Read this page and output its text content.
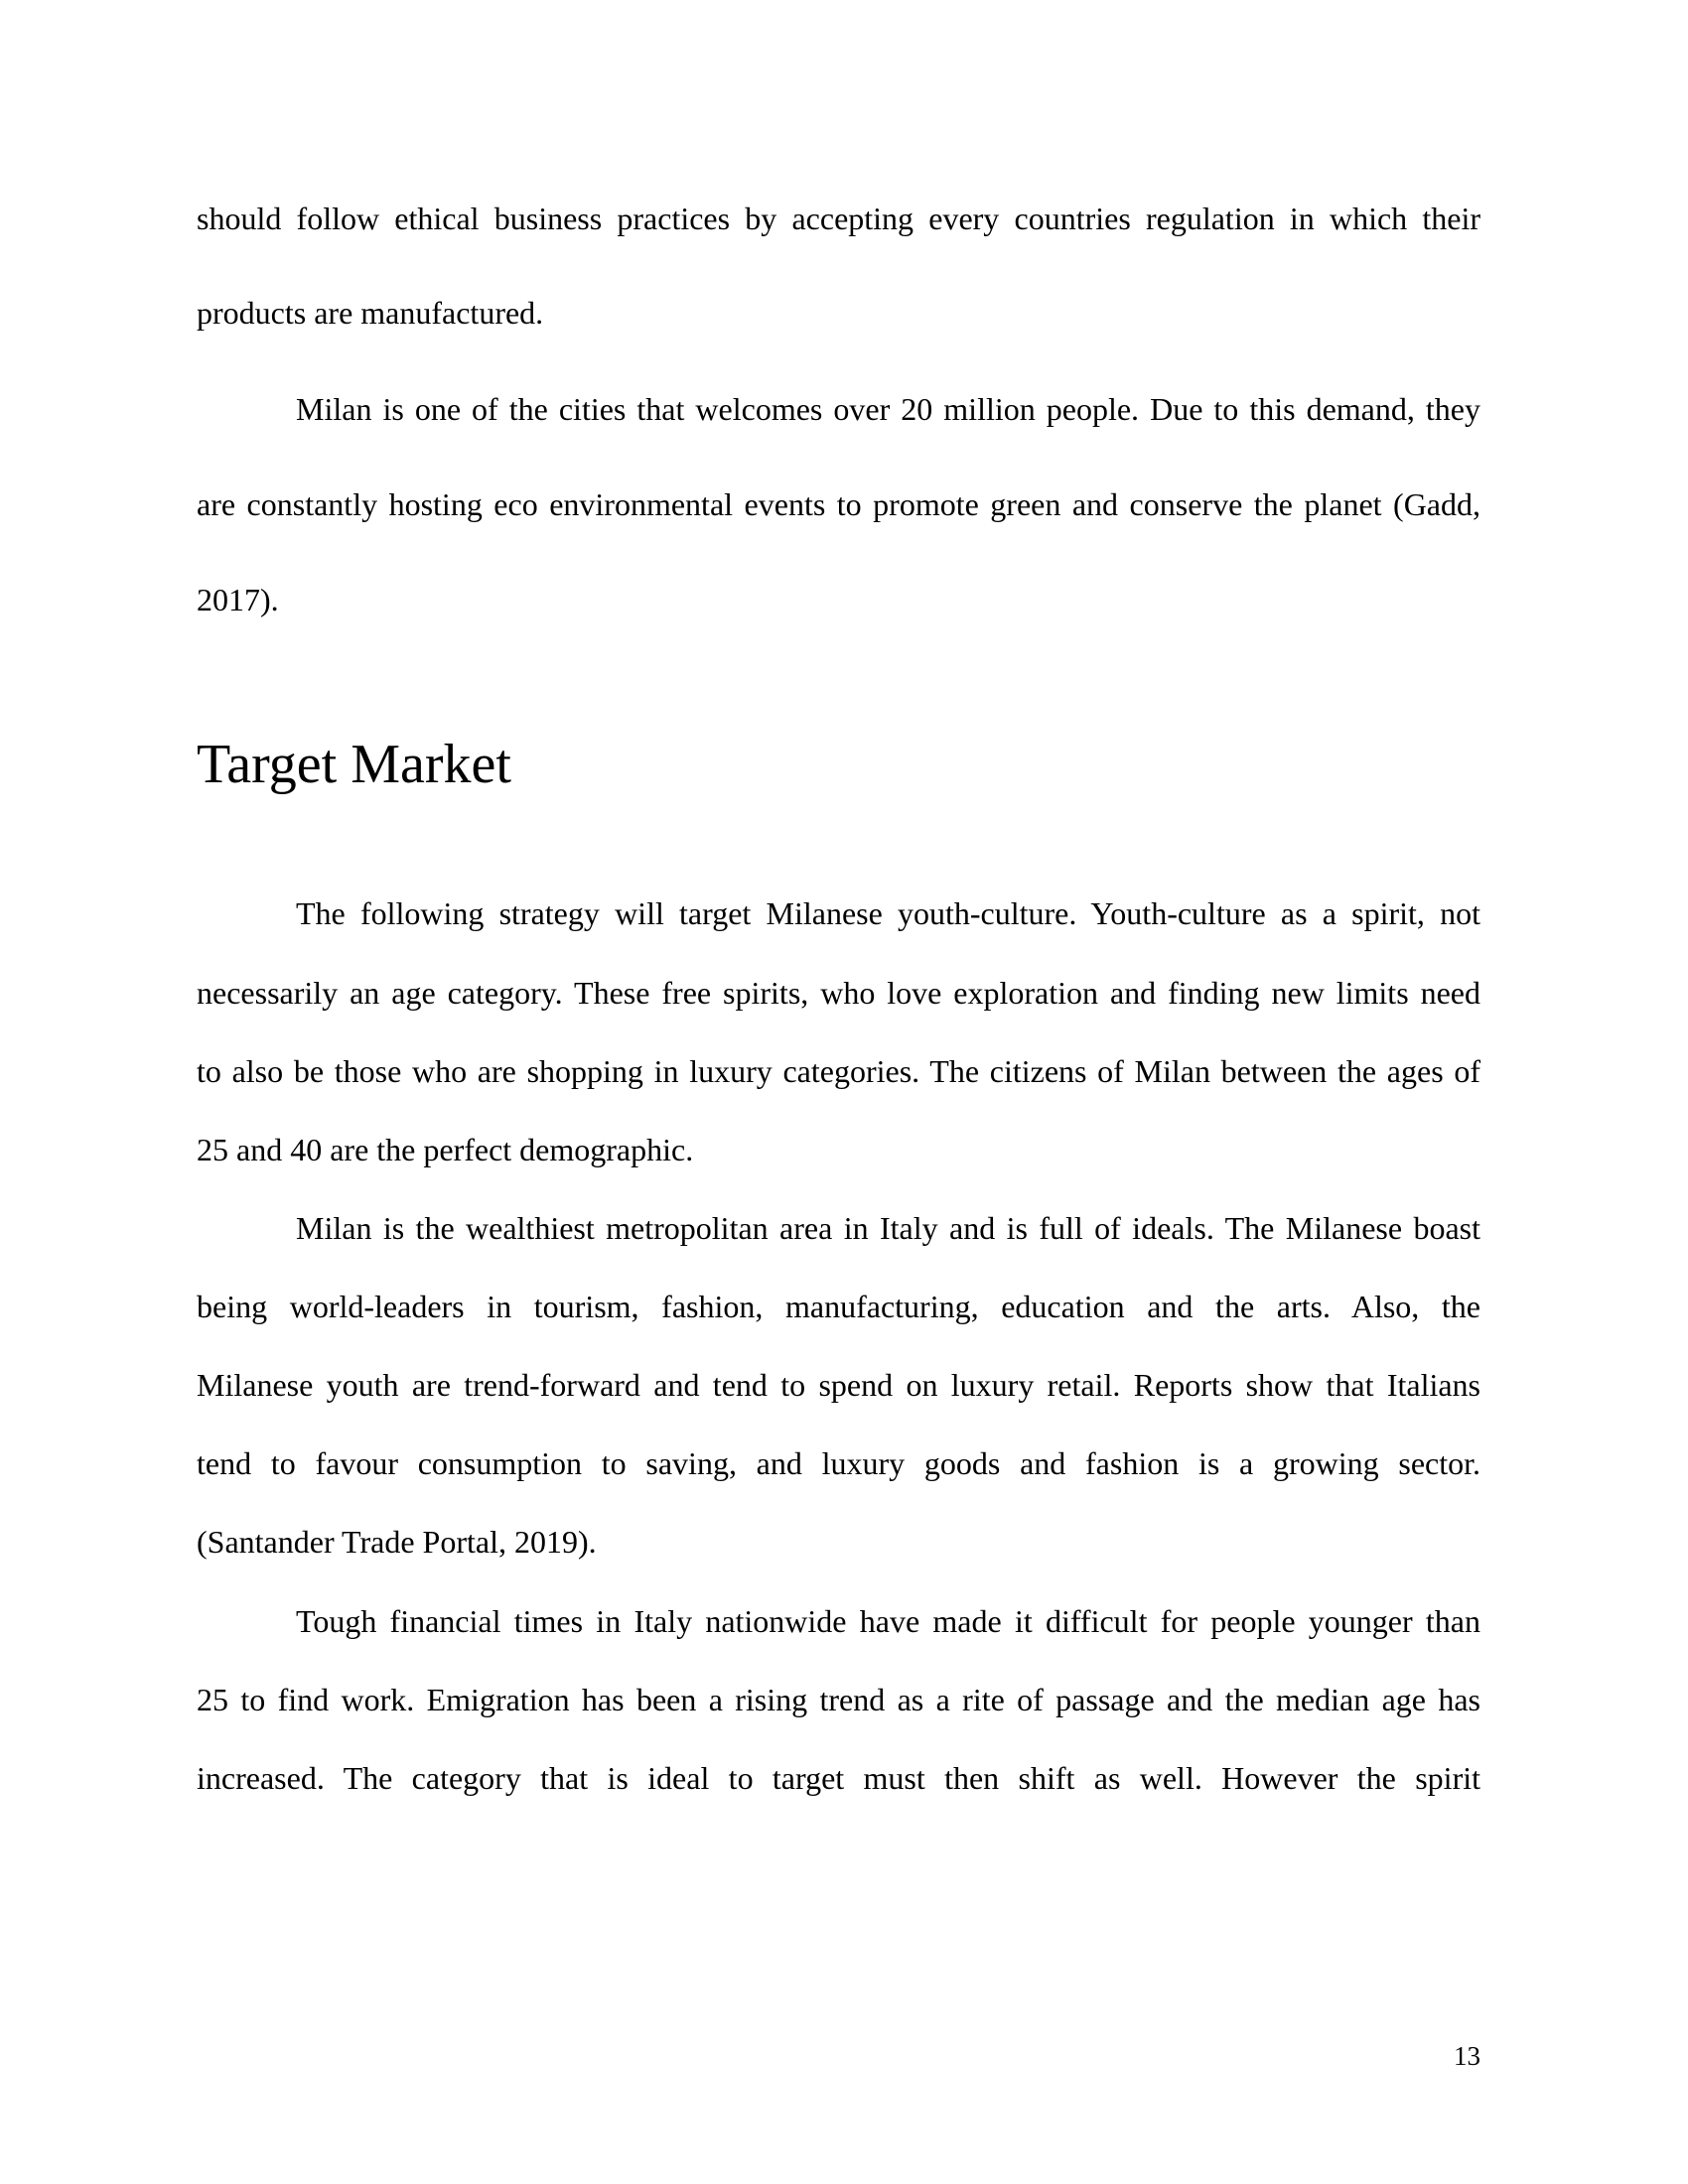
should follow ethical business practices by accepting every countries regulation in which their

products are manufactured.

Milan is one of the cities that welcomes over 20 million people. Due to this demand, they

are constantly hosting eco environmental events to promote green and conserve the planet (Gadd,

2017).

Target Market

The following strategy will target Milanese youth-culture. Youth-culture as a spirit, not

necessarily an age category. These free spirits, who love exploration and finding new limits need

to also be those who are shopping in luxury categories. The citizens of Milan between the ages of

25 and 40 are the perfect demographic.

Milan is the wealthiest metropolitan area in Italy and is full of ideals. The Milanese boast

being world-leaders in tourism, fashion, manufacturing, education and the arts. Also, the

Milanese youth are trend-forward and tend to spend on luxury retail. Reports show that Italians

tend to favour consumption to saving, and luxury goods and fashion is a growing sector.

(Santander Trade Portal, 2019).

Tough financial times in Italy nationwide have made it difficult for people younger than

25 to find work. Emigration has been a rising trend as a rite of passage and the median age has

increased. The category that is ideal to target must then shift as well. However the spirit

13
